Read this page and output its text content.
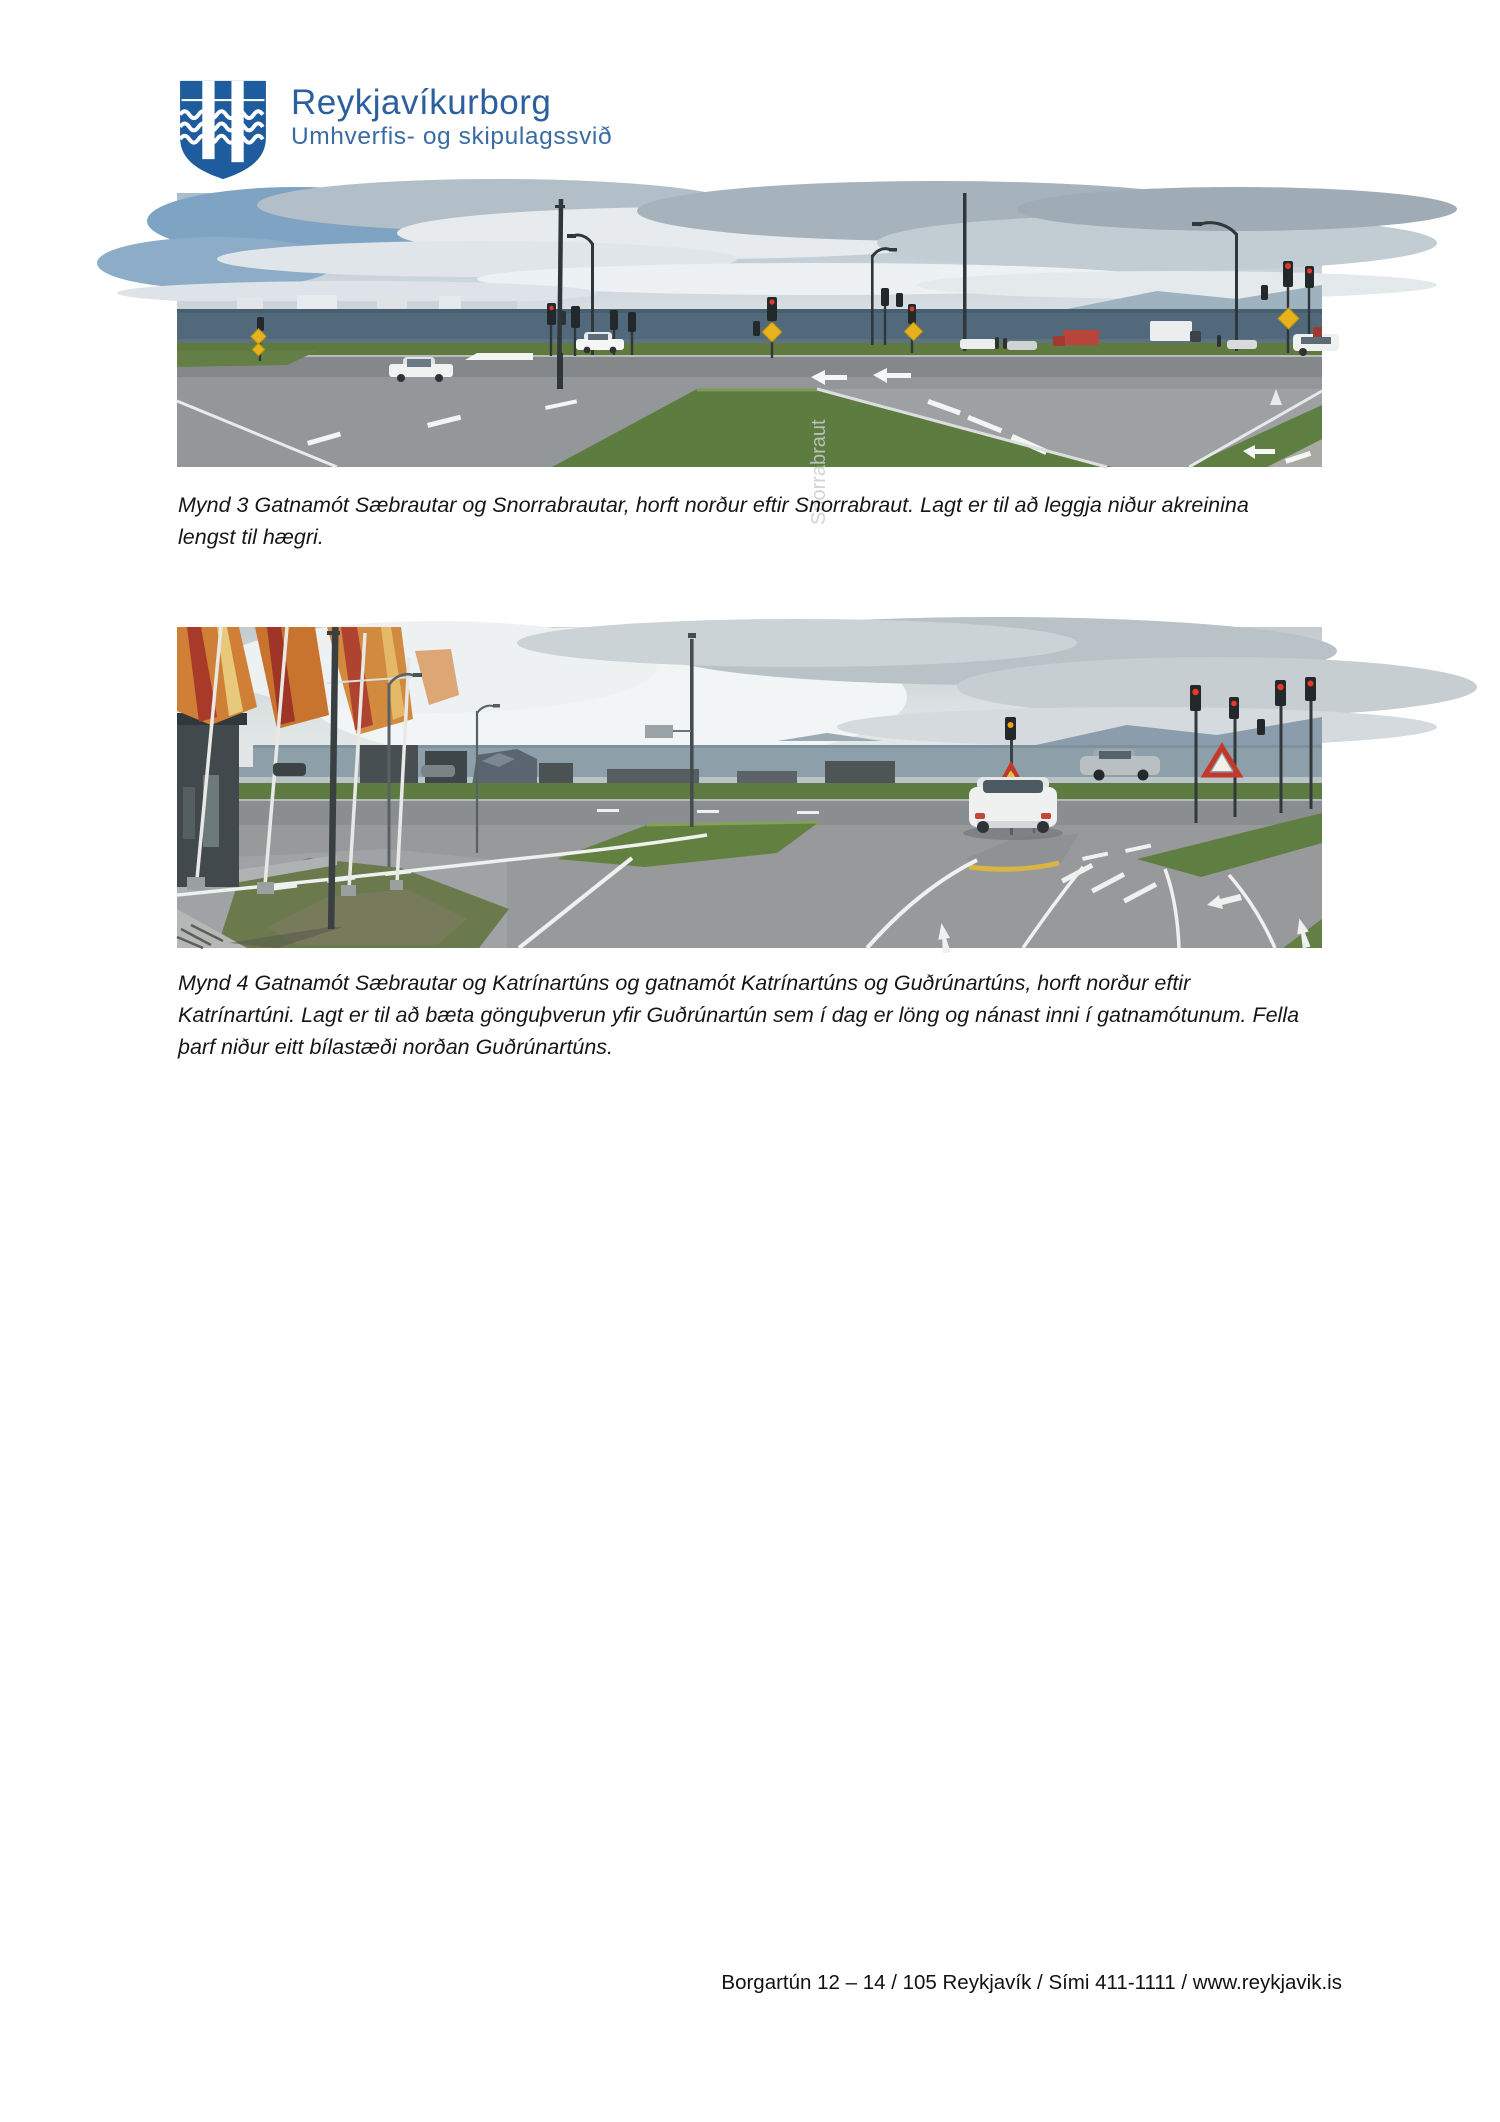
Reykjavíkurborg
Umhverfis- og skipulagssvið
Snorrabraut
Mynd 3 Gatnamót Sæbrautar og Snorrabrautar, horft norður eftir Snorrabraut. Lagt er til að leggja niður akreinina lengst til hægri.
Mynd 4 Gatnamót Sæbrautar og Katrínartúns og gatnamót Katrínartúns og Guðrúnartúns, horft norður eftir Katrínartúni. Lagt er til að bæta gönguþverun yfir Guðrúnartún sem í dag er löng og nánast inni í gatnamótunum. Fella þarf niður eitt bílastæði norðan Guðrúnartúns.
Borgartún 12 – 14 / 105 Reykjavík / Sími 411-1111 / www.reykjavik.is
